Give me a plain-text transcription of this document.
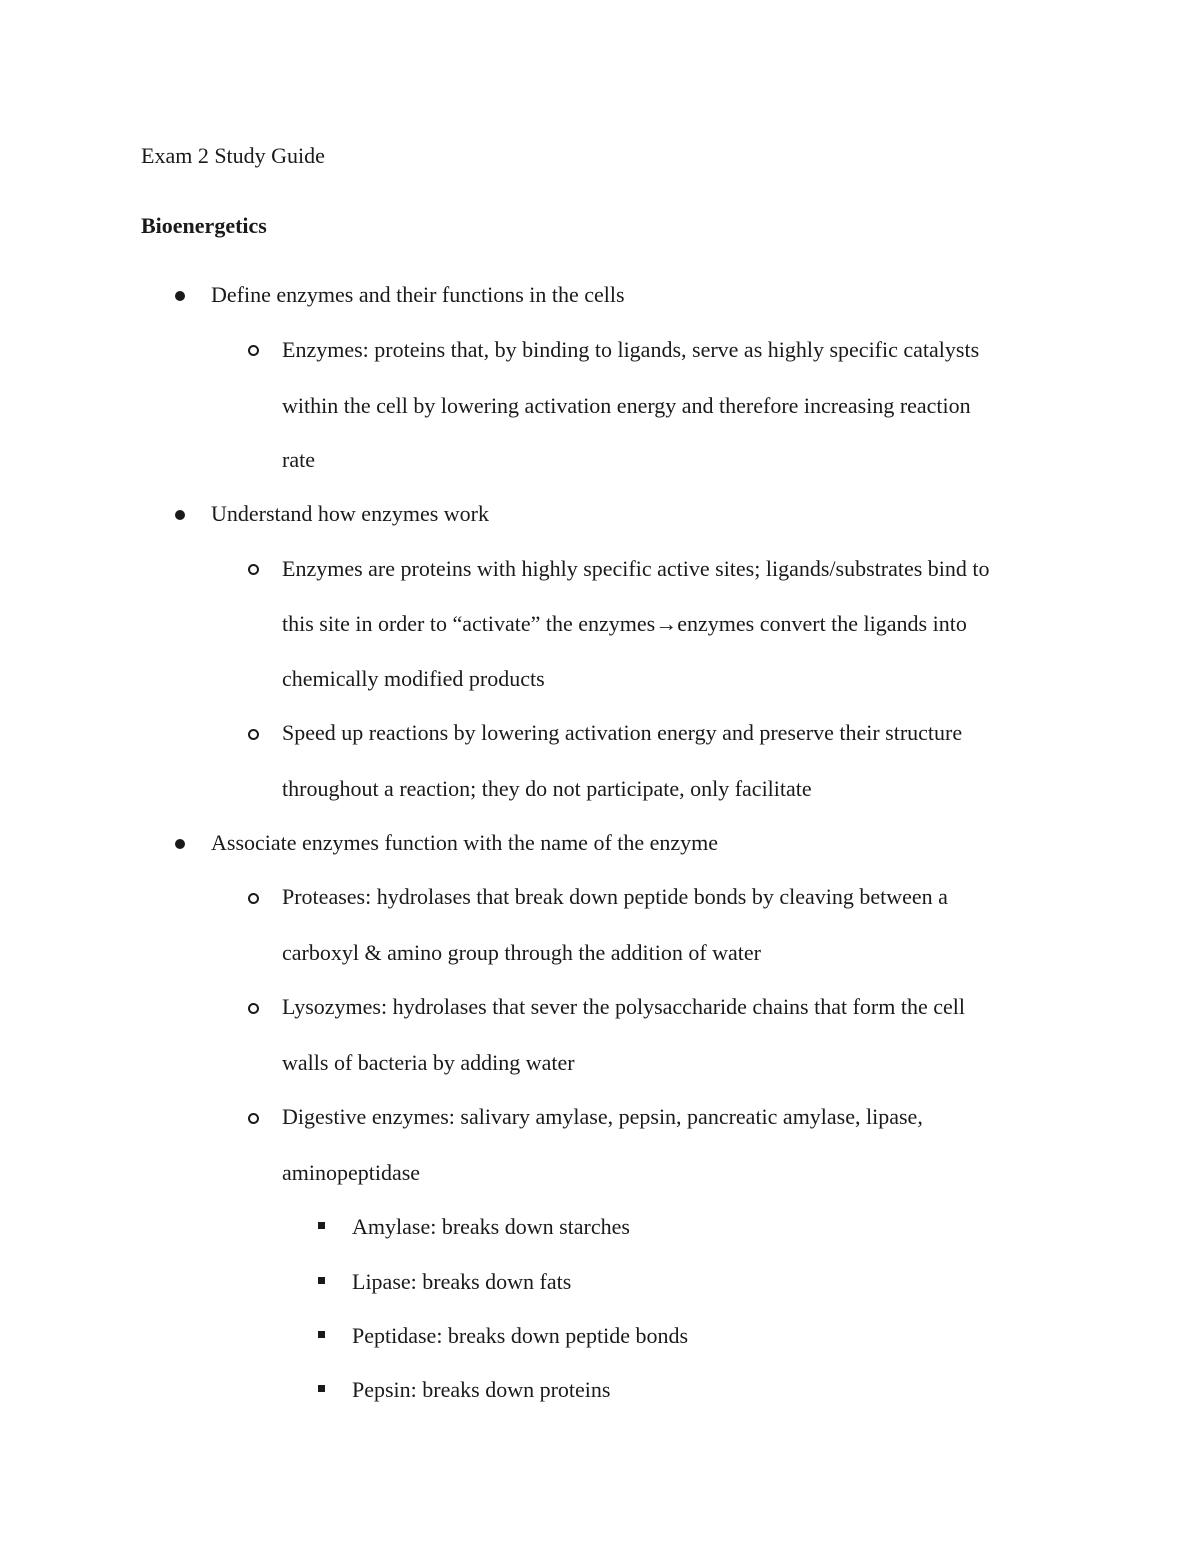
Exam 2 Study Guide
Bioenergetics
Define enzymes and their functions in the cells
Enzymes: proteins that, by binding to ligands, serve as highly specific catalysts
within the cell by lowering activation energy and therefore increasing reaction
rate
Understand how enzymes work
Enzymes are proteins with highly specific active sites; ligands/substrates bind to
this site in order to “activate” the enzymes→enzymes convert the ligands into
chemically modified products
Speed up reactions by lowering activation energy and preserve their structure
throughout a reaction; they do not participate, only facilitate
Associate enzymes function with the name of the enzyme
Proteases: hydrolases that break down peptide bonds by cleaving between a
carboxyl & amino group through the addition of water
Lysozymes: hydrolases that sever the polysaccharide chains that form the cell
walls of bacteria by adding water
Digestive enzymes: salivary amylase, pepsin, pancreatic amylase, lipase,
aminopeptidase
Amylase: breaks down starches
Lipase: breaks down fats
Peptidase: breaks down peptide bonds
Pepsin: breaks down proteins
